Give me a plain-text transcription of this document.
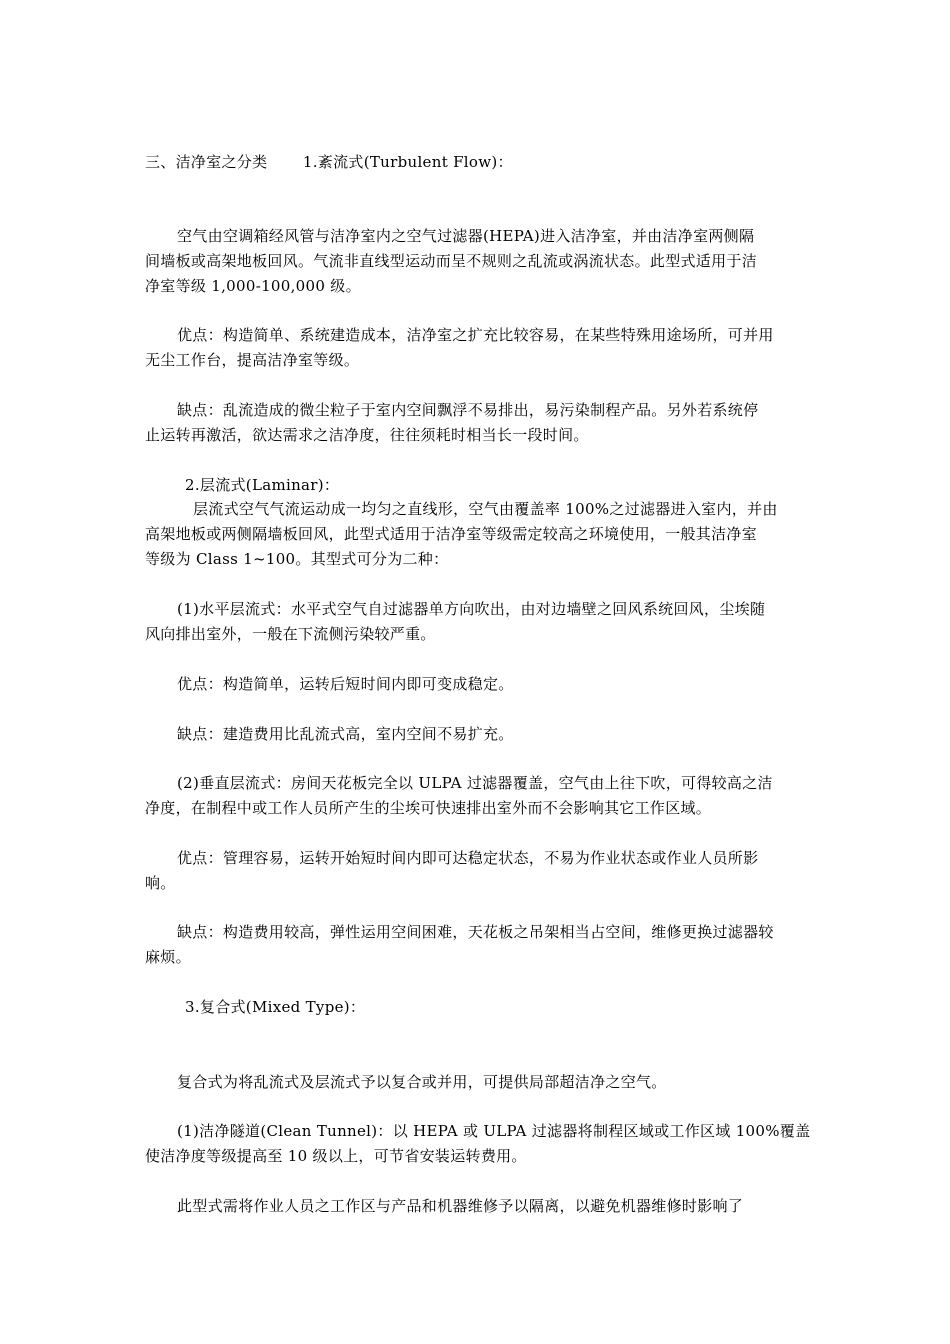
三、洁净室之分类 1.紊流式(Turbulent Flow)：
空气由空调箱经风管与洁净室内之空气过滤器(HEPA)进入洁净室，并由洁净室两侧隔
间墙板或高架地板回风。气流非直线型运动而呈不规则之乱流或涡流状态。此型式适用于洁
净室等级 1,000-100,000 级。
优点：构造简单、系统建造成本，洁净室之扩充比较容易，在某些特殊用途场所，可并用
无尘工作台，提高洁净室等级。
缺点：乱流造成的微尘粒子于室内空间飘浮不易排出，易污染制程产品。另外若系统停
止运转再激活，欲达需求之洁净度，往往须耗时相当长一段时间。
2.层流式(Laminar)：
层流式空气气流运动成一均匀之直线形，空气由覆盖率 100%之过滤器进入室内，并由
高架地板或两侧隔墙板回风，此型式适用于洁净室等级需定较高之环境使用，一般其洁净室
等级为 Class 1~100。其型式可分为二种：
(1)水平层流式：水平式空气自过滤器单方向吹出，由对边墙壁之回风系统回风，尘埃随
风向排出室外，一般在下流侧污染较严重。
优点：构造简单，运转后短时间内即可变成稳定。
缺点：建造费用比乱流式高，室内空间不易扩充。
(2)垂直层流式：房间天花板完全以 ULPA 过滤器覆盖，空气由上往下吹，可得较高之洁
净度，在制程中或工作人员所产生的尘埃可快速排出室外而不会影响其它工作区域。
优点：管理容易，运转开始短时间内即可达稳定状态，不易为作业状态或作业人员所影
响。
缺点：构造费用较高，弹性运用空间困难，天花板之吊架相当占空间，维修更换过滤器较
麻烦。
3.复合式(Mixed Type)：
复合式为将乱流式及层流式予以复合或并用，可提供局部超洁净之空气。
(1)洁净隧道(Clean Tunnel)：以 HEPA 或 ULPA 过滤器将制程区域或工作区域 100%覆盖
使洁净度等级提高至 10 级以上，可节省安装运转费用。
此型式需将作业人员之工作区与产品和机器维修予以隔离，以避免机器维修时影响了
